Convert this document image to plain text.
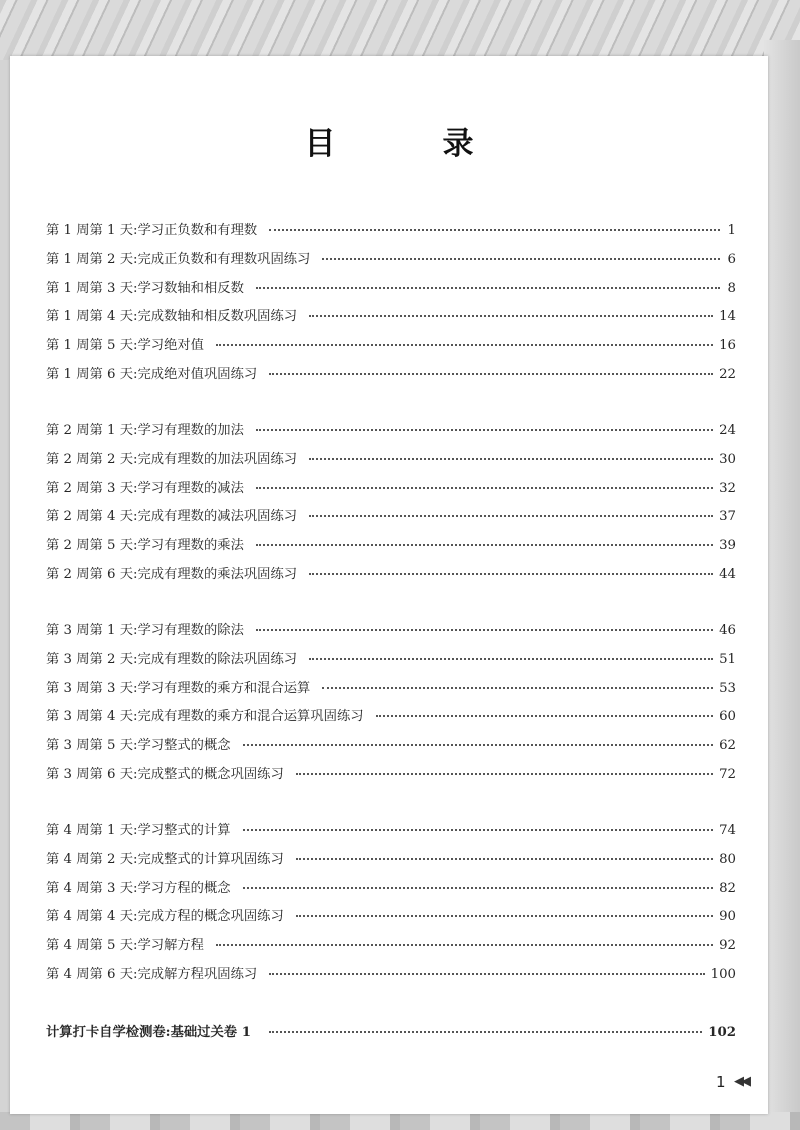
目　录
第 1 周第 1 天:学习正负数和有理数	1
第 1 周第 2 天:完成正负数和有理数巩固练习	6
第 1 周第 3 天:学习数轴和相反数	8
第 1 周第 4 天:完成数轴和相反数巩固练习	14
第 1 周第 5 天:学习绝对值	16
第 1 周第 6 天:完成绝对值巩固练习	22
第 2 周第 1 天:学习有理数的加法	24
第 2 周第 2 天:完成有理数的加法巩固练习	30
第 2 周第 3 天:学习有理数的减法	32
第 2 周第 4 天:完成有理数的减法巩固练习	37
第 2 周第 5 天:学习有理数的乘法	39
第 2 周第 6 天:完成有理数的乘法巩固练习	44
第 3 周第 1 天:学习有理数的除法	46
第 3 周第 2 天:完成有理数的除法巩固练习	51
第 3 周第 3 天:学习有理数的乘方和混合运算	53
第 3 周第 4 天:完成有理数的乘方和混合运算巩固练习	60
第 3 周第 5 天:学习整式的概念	62
第 3 周第 6 天:完成整式的概念巩固练习	72
第 4 周第 1 天:学习整式的计算	74
第 4 周第 2 天:完成整式的计算巩固练习	80
第 4 周第 3 天:学习方程的概念	82
第 4 周第 4 天:完成方程的概念巩固练习	90
第 4 周第 5 天:学习解方程	92
第 4 周第 6 天:完成解方程巩固练习	100
计算打卡自学检测卷:基础过关卷 1	102
1 ◀◀
